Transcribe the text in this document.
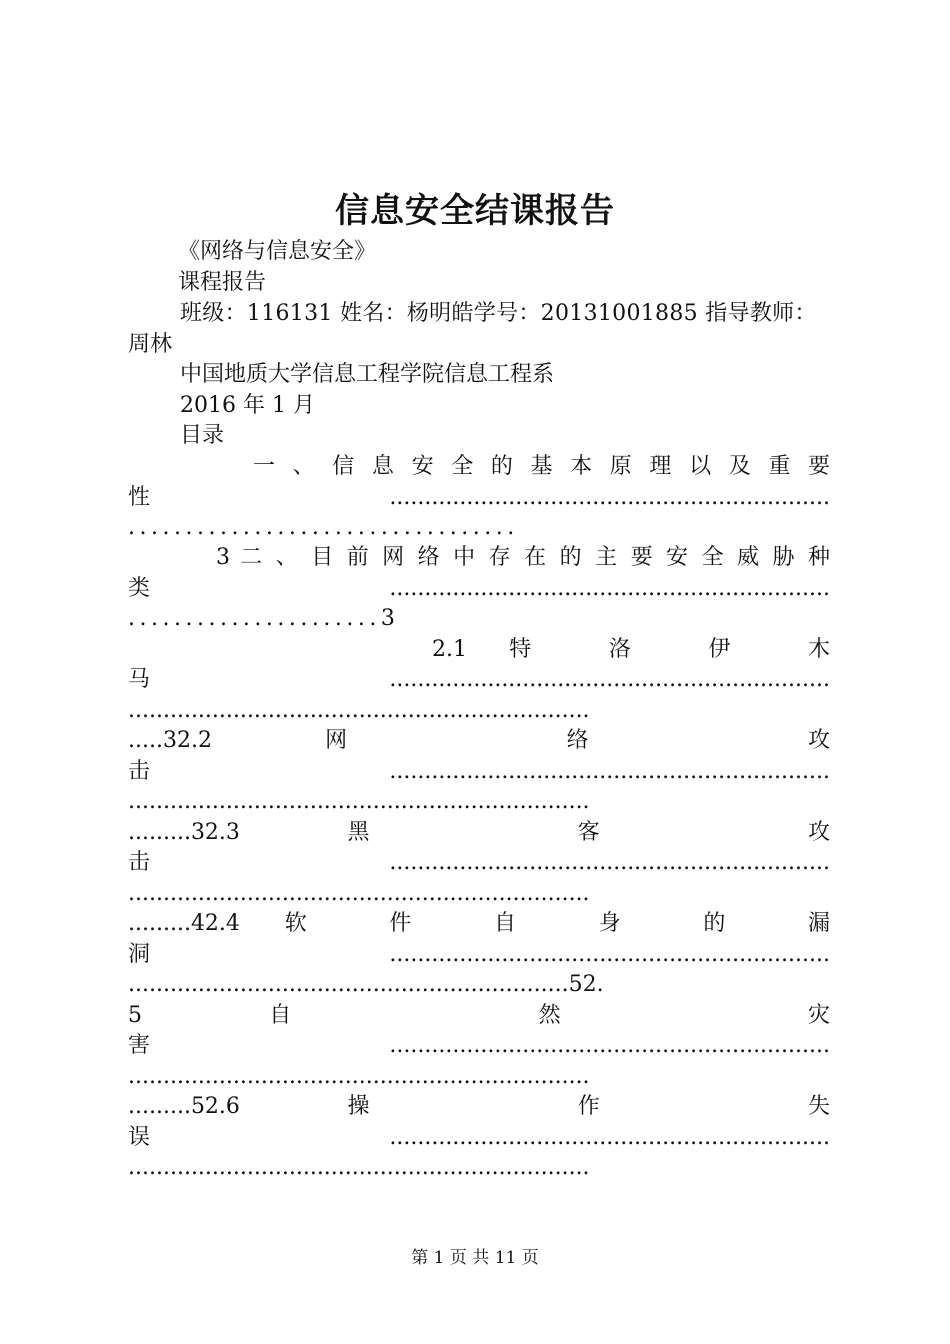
信息安全结课报告
《网络与信息安全》
课程报告
班级：116131 姓名：杨明皓学号：20131001885 指导教师：
周林
中国地质大学信息工程学院信息工程系
2016 年 1 月
目录
一 、 信 息 安 全 的 基 本 原 理 以 及 重 要
性...............................................................
..................................
3 二 、 目 前 网 络 中 存 在 的 主 要 安 全 威 胁 种
类...............................................................
......................3
2.1 特 洛 伊 木
马...............................................................
..................................................................
.....32.2 网 络 攻
击...............................................................
..................................................................
.........32.3 黑 客 攻
击...............................................................
..................................................................
.........42.4 软 件 自 身 的 漏
洞...............................................................
...............................................................52.
5 自 然 灾
害...............................................................
..................................................................
.........52.6 操 作 失
误...............................................................
..................................................................
第 1 页 共 11 页
